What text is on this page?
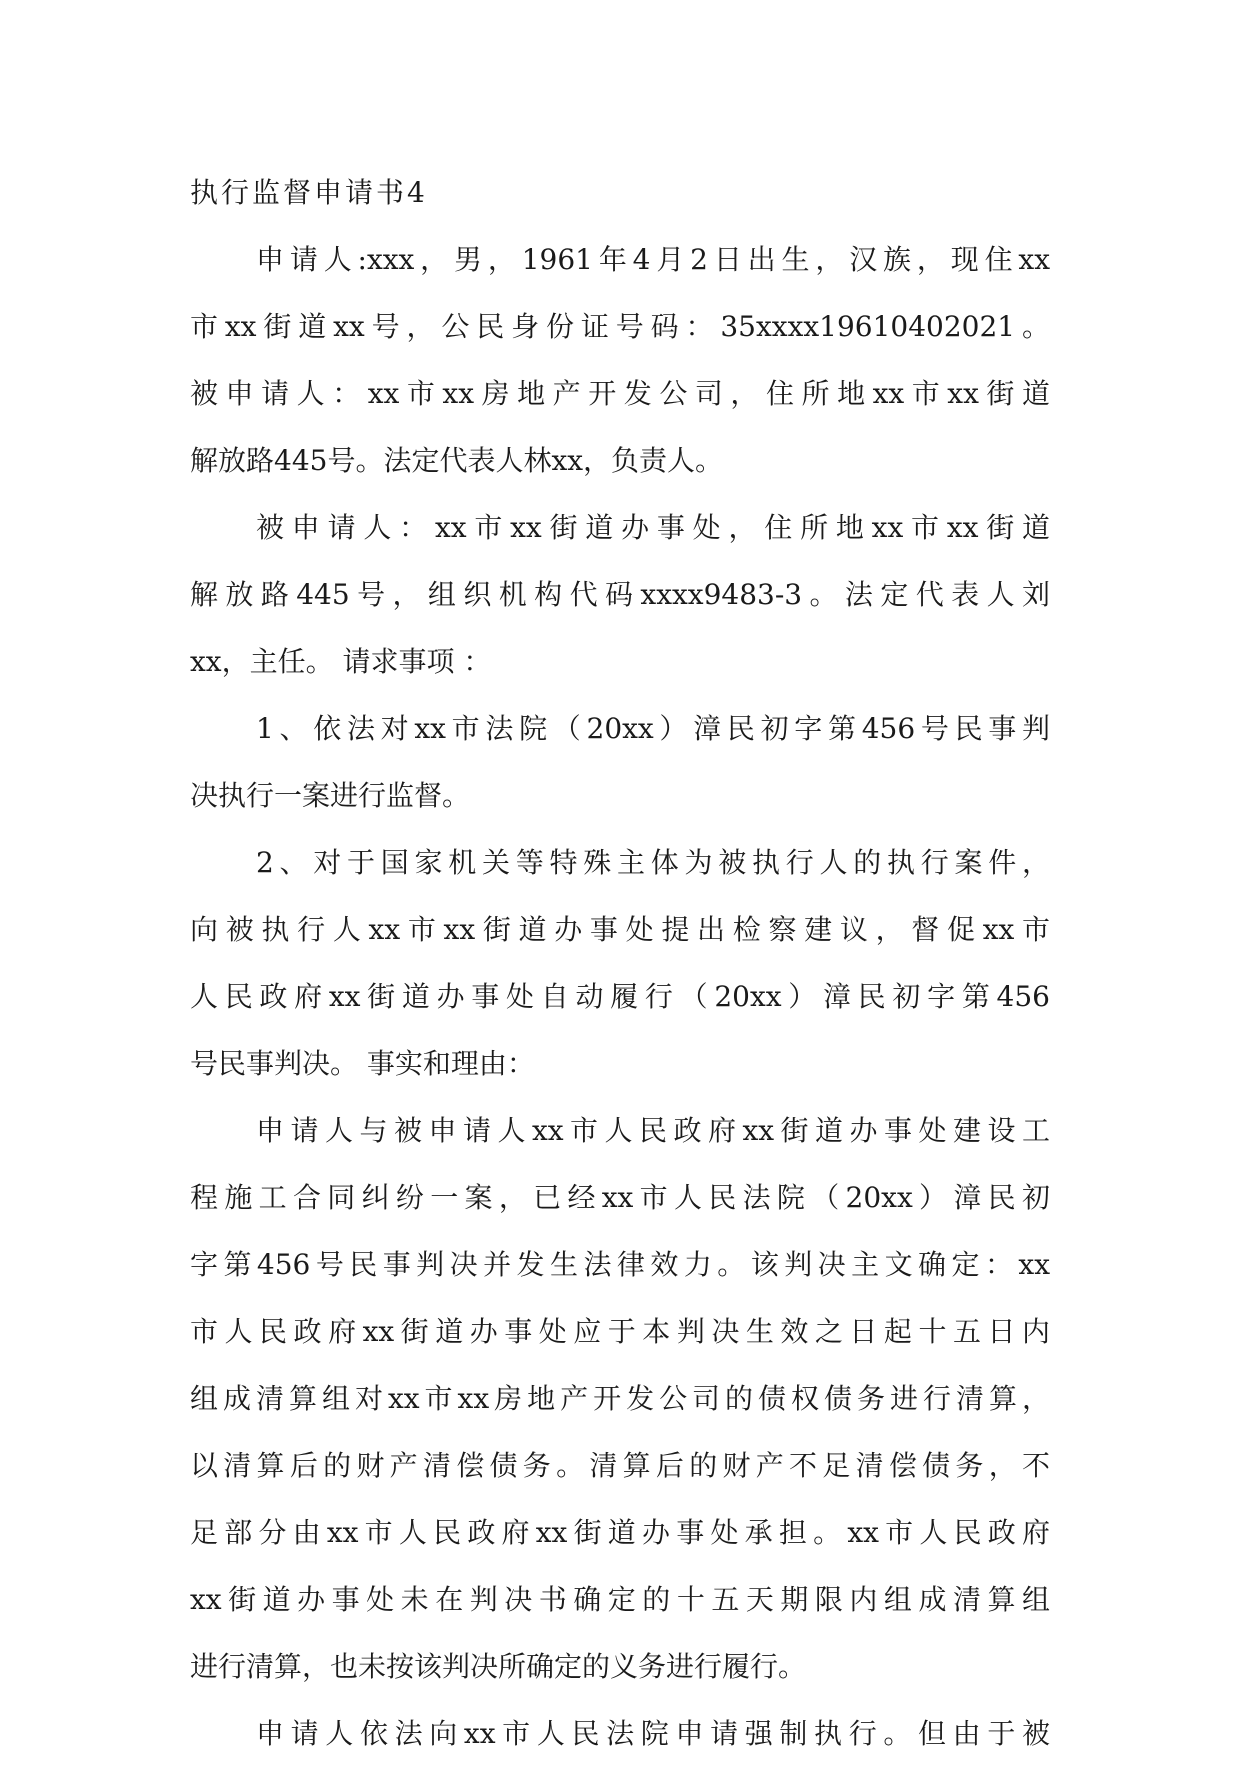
执行监督申请书4

申请人:xxx，男，1961年4月2日出生，汉族，现住xx

市xx街道xx号，公民身份证号码：35xxxx19610402021。

被申请人：xx市xx房地产开发公司，住所地xx市xx街道

解放路445号。法定代表人林xx，负责人。

被申请人：xx市xx街道办事处，住所地xx市xx街道

解放路445号，组织机构代码xxxx9483-3。法定代表人刘

xx，主任。 请求事项 ：

1、依法对xx市法院（20xx）漳民初字第456号民事判

决执行一案进行监督。

2、对于国家机关等特殊主体为被执行人的执行案件，

向被执行人xx市xx街道办事处提出检察建议，督促xx市

人民政府xx街道办事处自动履行（20xx）漳民初字第456

号民事判决。 事实和理由：

申请人与被申请人xx市人民政府xx街道办事处建设工

程施工合同纠纷一案，已经xx市人民法院（20xx）漳民初

字第456号民事判决并发生法律效力。该判决主文确定：xx

市人民政府xx街道办事处应于本判决生效之日起十五日内

组成清算组对xx市xx房地产开发公司的债权债务进行清算，

以清算后的财产清偿债务。清算后的财产不足清偿债务，不

足部分由xx市人民政府xx街道办事处承担。xx市人民政府

xx街道办事处未在判决书确定的十五天期限内组成清算组

进行清算，也未按该判决所确定的义务进行履行。

申请人依法向xx市人民法院申请强制执行。但由于被
